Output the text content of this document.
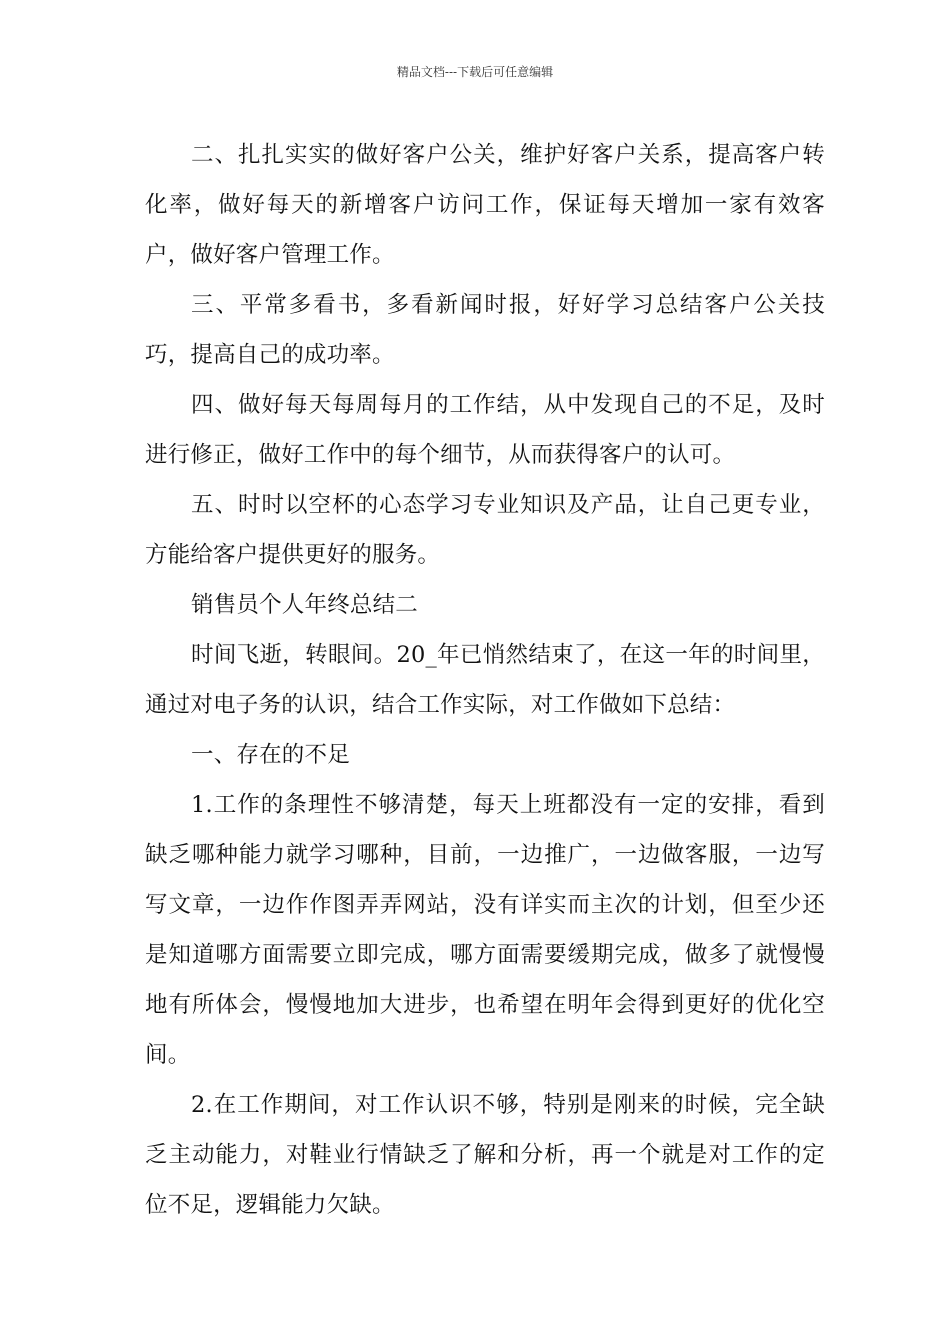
精品文档---下载后可任意编辑

二、扎扎实实的做好客户公关，维护好客户关系，提高客户转化率，做好每天的新增客户访问工作，保证每天增加一家有效客户，做好客户管理工作。

三、平常多看书，多看新闻时报，好好学习总结客户公关技巧，提高自己的成功率。

四、做好每天每周每月的工作结，从中发现自己的不足，及时进行修正，做好工作中的每个细节，从而获得客户的认可。

五、时时以空杯的心态学习专业知识及产品，让自己更专业，方能给客户提供更好的服务。

销售员个人年终总结二

时间飞逝，转眼间。20_年已悄然结束了，在这一年的时间里，通过对电子务的认识，结合工作实际，对工作做如下总结：

一、存在的不足

1.工作的条理性不够清楚，每天上班都没有一定的安排，看到缺乏哪种能力就学习哪种，目前，一边推广，一边做客服，一边写写文章，一边作作图弄弄网站，没有详实而主次的计划，但至少还是知道哪方面需要立即完成，哪方面需要缓期完成，做多了就慢慢地有所体会，慢慢地加大进步，也希望在明年会得到更好的优化空间。

2.在工作期间，对工作认识不够，特别是刚来的时候，完全缺乏主动能力，对鞋业行情缺乏了解和分析，再一个就是对工作的定位不足，逻辑能力欠缺。
